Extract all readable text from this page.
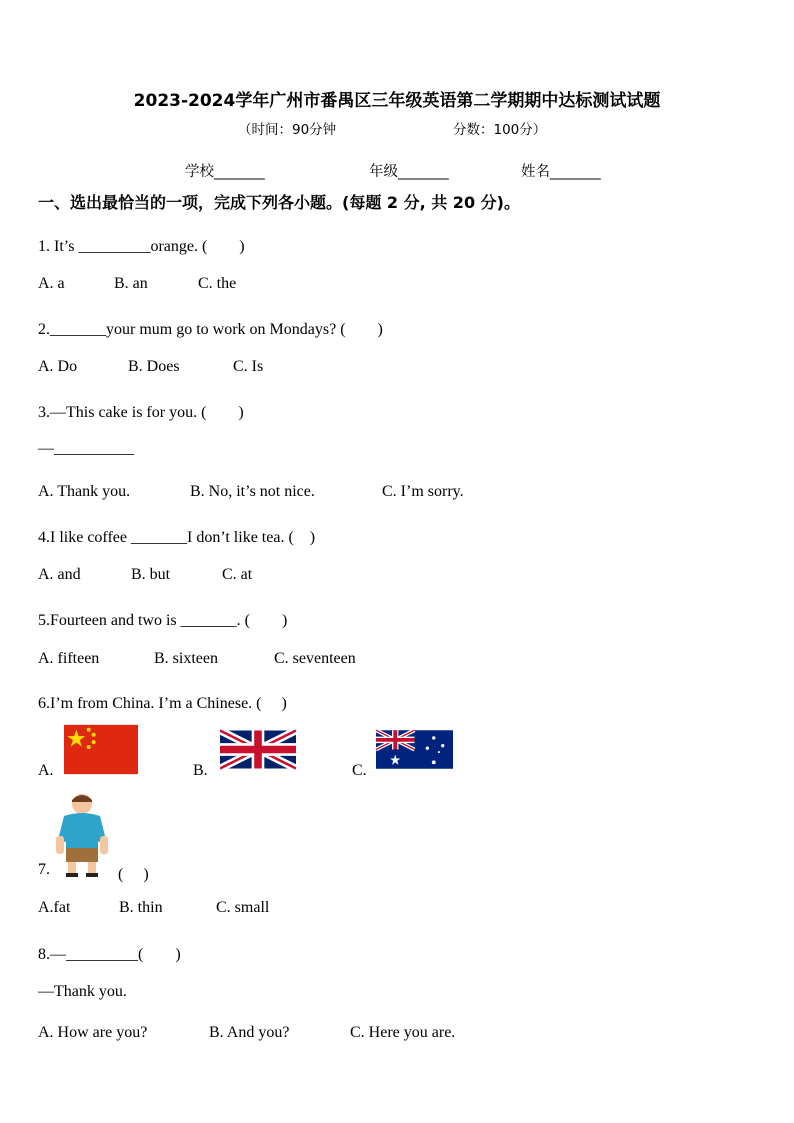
2023-2024学年广州市番禺区三年级英语第二学期期中达标测试试题
（时间：90分钟	分数：100分）
学校_______	年级_______	姓名_______
一、选出最恰当的一项，完成下列各小题。(每题 2 分, 共 20 分)。
1. It’s _________orange. (　　)
A. a	B. an	C. the
2._______your mum go to work on Mondays? (　　)
A. Do	B. Does	C. Is
3.—This cake is for you. (　　)
—__________
A. Thank you.	B. No, it’s not nice.	C. I’m sorry.
4.I like coffee _______I don’t like tea. (　)
A. and	B. but	C. at
5.Fourteen and two is _______. (　　)
A. fifteen	B. sixteen	C. seventeen
6.I’m from China. I’m a Chinese. (　 )
A.	B.	C.
7.	(　 )
A.fat	B. thin	C. small
8.—_________(　　)
—Thank you.
A. How are you?	B. And you?	C. Here you are.
